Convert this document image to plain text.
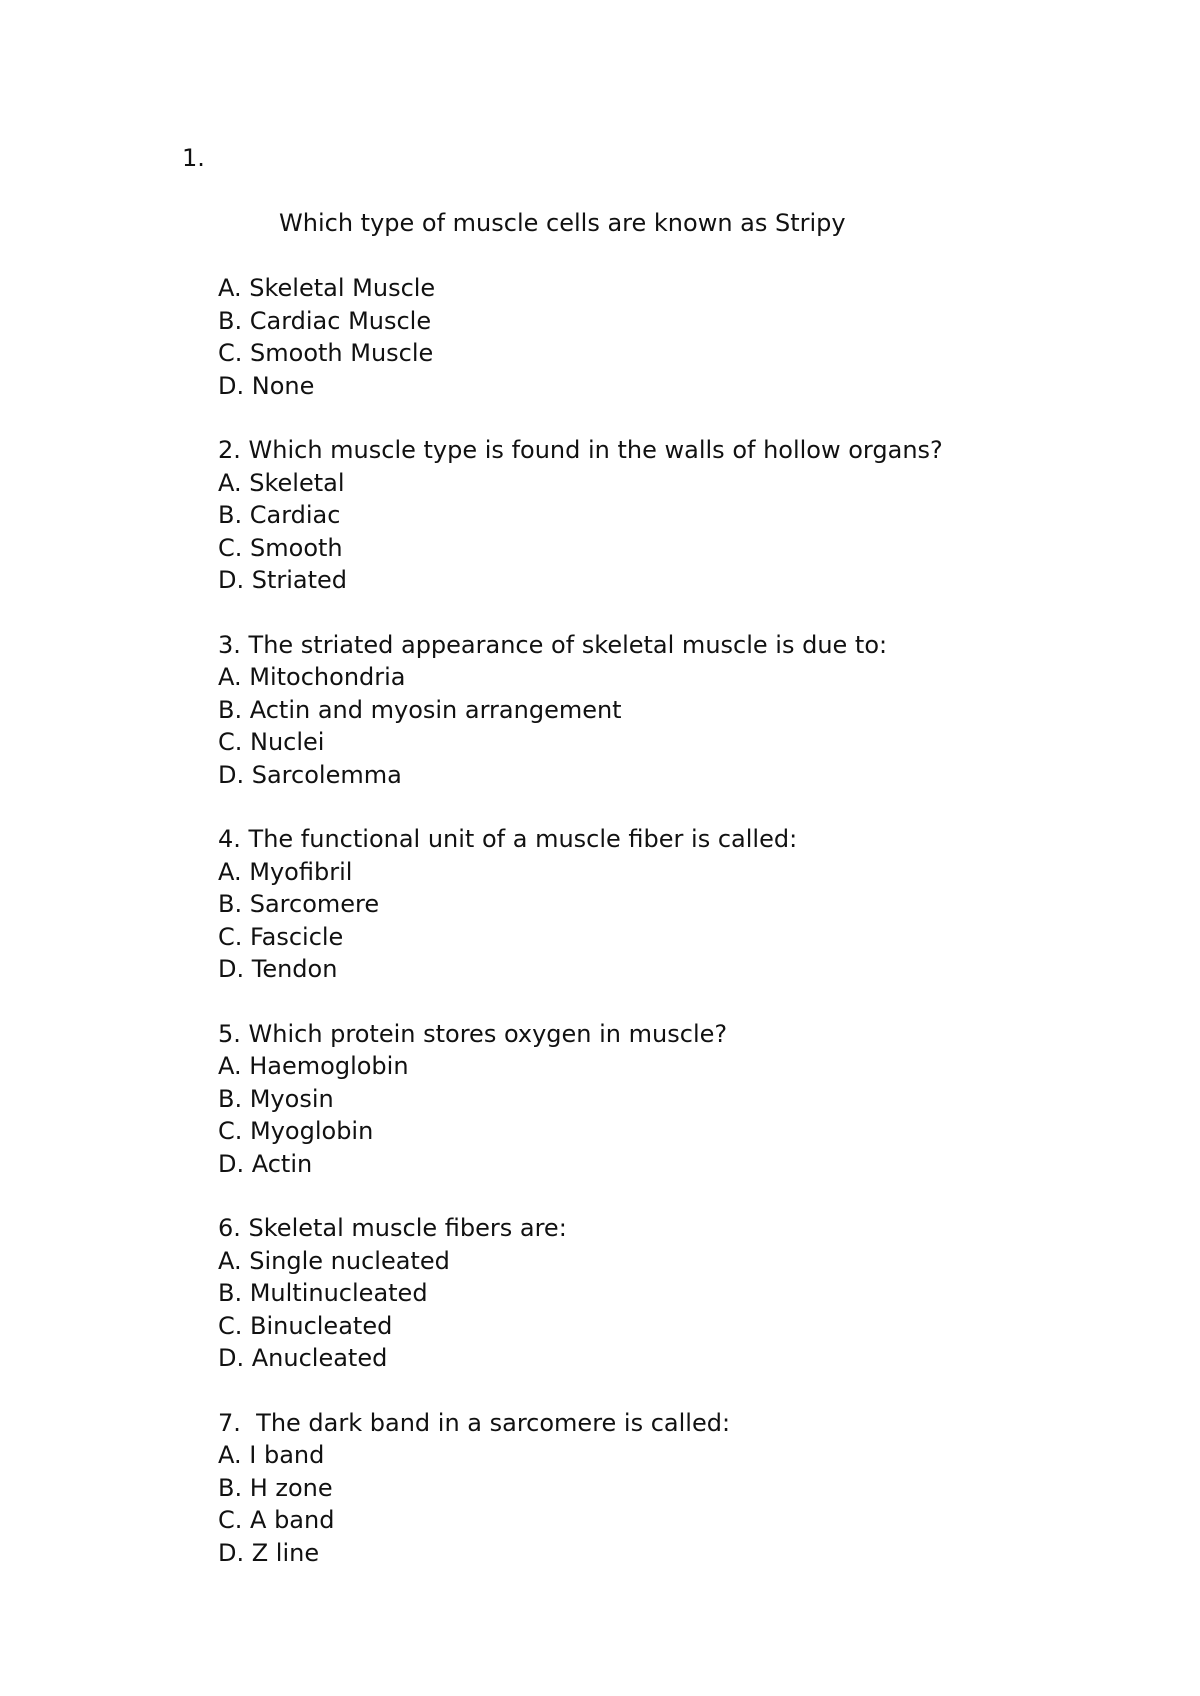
1.

Which type of muscle cells are known as Stripy

A. Skeletal Muscle
B. Cardiac Muscle
C. Smooth Muscle
D. None
2. Which muscle type is found in the walls of hollow organs?
A. Skeletal
B. Cardiac
C. Smooth
D. Striated
3. The striated appearance of skeletal muscle is due to:
A. Mitochondria
B. Actin and myosin arrangement
C. Nuclei
D. Sarcolemma
4. The functional unit of a muscle fiber is called:
A. Myofibril
B. Sarcomere
C. Fascicle
D. Tendon
5. Which protein stores oxygen in muscle?
A. Haemoglobin
B. Myosin
C. Myoglobin
D. Actin
6. Skeletal muscle fibers are:
A. Single nucleated
B. Multinucleated
C. Binucleated
D. Anucleated
7.  The dark band in a sarcomere is called:
A. I band
B. H zone
C. A band
D. Z line
